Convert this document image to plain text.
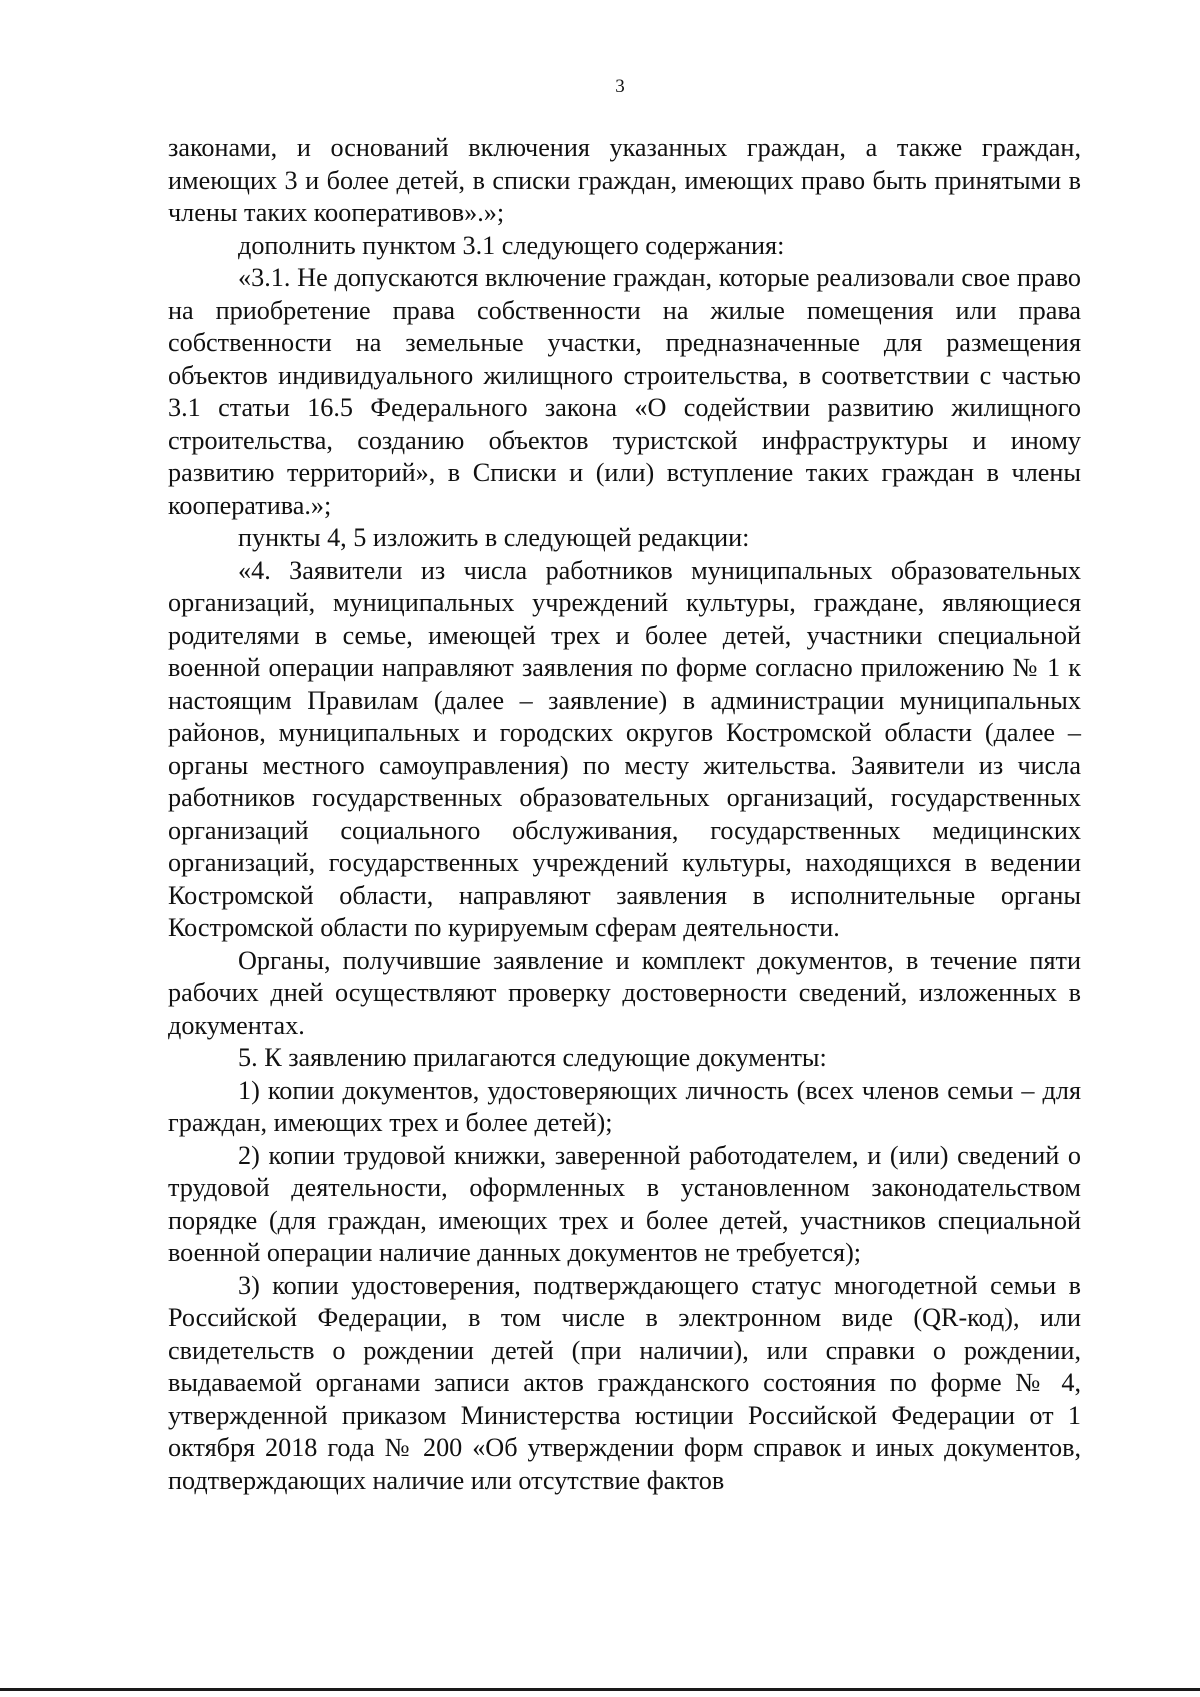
3

законами, и оснований включения указанных граждан, а также граждан, имеющих 3 и более детей, в списки граждан, имеющих право быть принятыми в члены таких кооперативов».»;

дополнить пунктом 3.1 следующего содержания:

«3.1. Не допускаются включение граждан, которые реализовали свое право на приобретение права собственности на жилые помещения или права собственности на земельные участки, предназначенные для размещения объектов индивидуального жилищного строительства, в соответствии с частью 3.1 статьи 16.5 Федерального закона «О содействии развитию жилищного строительства, созданию объектов туристской инфраструктуры и иному развитию территорий», в Списки и (или) вступление таких граждан в члены кооператива.»;

пункты 4, 5 изложить в следующей редакции:

«4. Заявители из числа работников муниципальных образовательных организаций, муниципальных учреждений культуры, граждане, являющиеся родителями в семье, имеющей трех и более детей, участники специальной военной операции направляют заявления по форме согласно приложению № 1 к настоящим Правилам (далее – заявление) в администрации муниципальных районов, муниципальных и городских округов Костромской области (далее – органы местного самоуправления) по месту жительства. Заявители из числа работников государственных образовательных организаций, государственных организаций социального обслуживания, государственных медицинских организаций, государственных учреждений культуры, находящихся в ведении Костромской области, направляют заявления в исполнительные органы Костромской области по курируемым сферам деятельности.

Органы, получившие заявление и комплект документов, в течение пяти рабочих дней осуществляют проверку достоверности сведений, изложенных в документах.

5. К заявлению прилагаются следующие документы:

1) копии документов, удостоверяющих личность (всех членов семьи – для граждан, имеющих трех и более детей);

2) копии трудовой книжки, заверенной работодателем, и (или) сведений о трудовой деятельности, оформленных в установленном законодательством порядке (для граждан, имеющих трех и более детей, участников специальной военной операции наличие данных документов не требуется);

3) копии удостоверения, подтверждающего статус многодетной семьи в Российской Федерации, в том числе в электронном виде (QR-код), или свидетельств о рождении детей (при наличии), или справки о рождении, выдаваемой органами записи актов гражданского состояния по форме № 4, утвержденной приказом Министерства юстиции Российской Федерации от 1 октября 2018 года № 200 «Об утверждении форм справок и иных документов, подтверждающих наличие или отсутствие фактов
